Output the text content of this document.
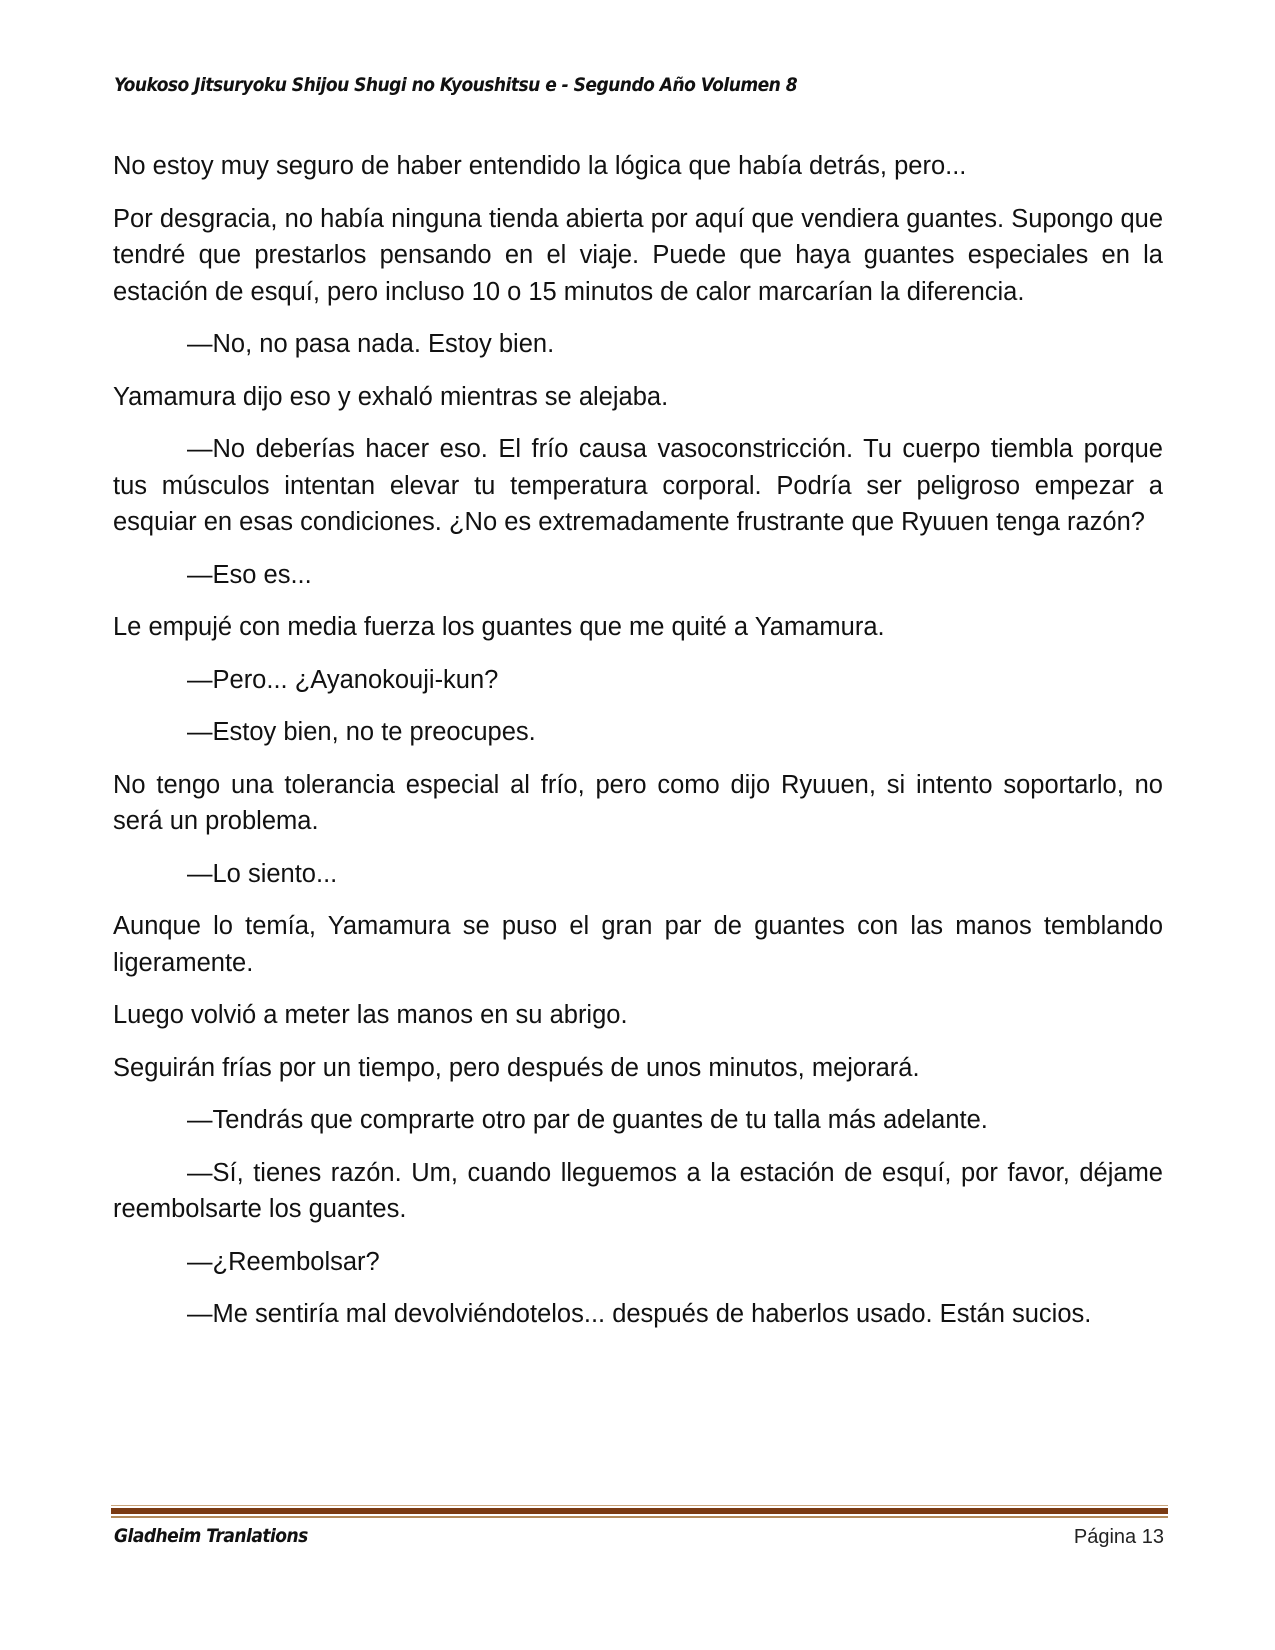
Youkoso Jitsuryoku Shijou Shugi no Kyoushitsu e - Segundo Año Volumen 8

No estoy muy seguro de haber entendido la lógica que había detrás, pero...

Por desgracia, no había ninguna tienda abierta por aquí que vendiera guantes. Supongo que tendré que prestarlos pensando en el viaje. Puede que haya guantes especiales en la estación de esquí, pero incluso 10 o 15 minutos de calor marcarían la diferencia.

—No, no pasa nada. Estoy bien.

Yamamura dijo eso y exhaló mientras se alejaba.

—No deberías hacer eso. El frío causa vasoconstricción. Tu cuerpo tiembla porque tus músculos intentan elevar tu temperatura corporal. Podría ser peligroso empezar a esquiar en esas condiciones. ¿No es extremadamente frustrante que Ryuuen tenga razón?

—Eso es...

Le empujé con media fuerza los guantes que me quité a Yamamura.

—Pero... ¿Ayanokouji-kun?

—Estoy bien, no te preocupes.

No tengo una tolerancia especial al frío, pero como dijo Ryuuen, si intento soportarlo, no será un problema.

—Lo siento...

Aunque lo temía, Yamamura se puso el gran par de guantes con las manos temblando ligeramente.

Luego volvió a meter las manos en su abrigo.

Seguirán frías por un tiempo, pero después de unos minutos, mejorará.

—Tendrás que comprarte otro par de guantes de tu talla más adelante.

—Sí, tienes razón. Um, cuando lleguemos a la estación de esquí, por favor, déjame reembolsarte los guantes.

—¿Reembolsar?

—Me sentiría mal devolviéndotelos... después de haberlos usado. Están sucios.

Gladheim Tranlations	Página 13
